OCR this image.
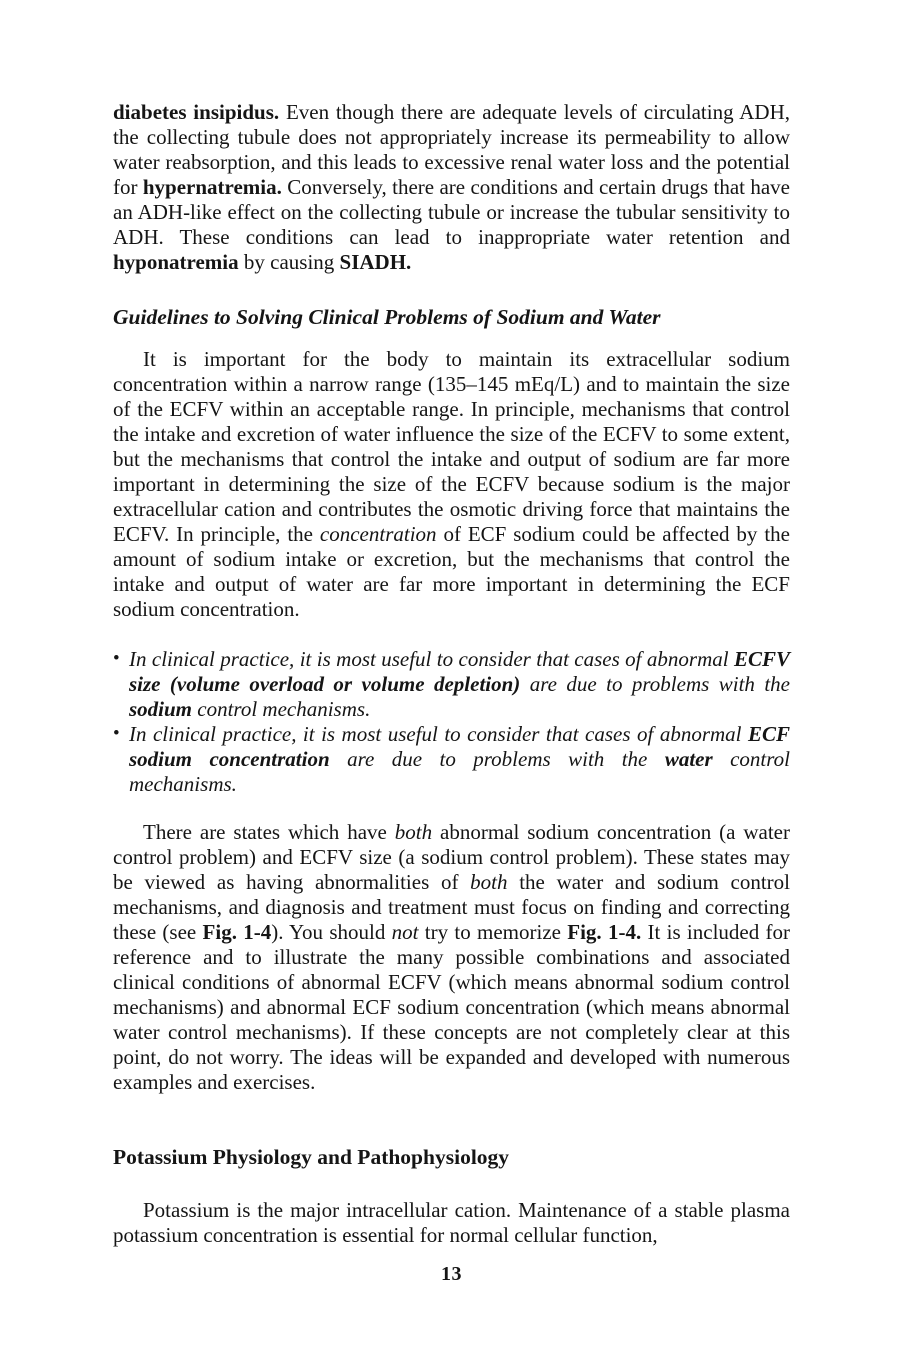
diabetes insipidus. Even though there are adequate levels of circulating ADH, the collecting tubule does not appropriately increase its permeability to allow water reabsorption, and this leads to excessive renal water loss and the potential for hypernatremia. Conversely, there are conditions and certain drugs that have an ADH-like effect on the collecting tubule or increase the tubular sensitivity to ADH. These conditions can lead to inappropriate water retention and hyponatremia by causing SIADH.

Guidelines to Solving Clinical Problems of Sodium and Water

It is important for the body to maintain its extracellular sodium concentration within a narrow range (135–145 mEq/L) and to maintain the size of the ECFV within an acceptable range. In principle, mechanisms that control the intake and excretion of water influence the size of the ECFV to some extent, but the mechanisms that control the intake and output of sodium are far more important in determining the size of the ECFV because sodium is the major extracellular cation and contributes the osmotic driving force that maintains the ECFV. In principle, the concentration of ECF sodium could be affected by the amount of sodium intake or excretion, but the mechanisms that control the intake and output of water are far more important in determining the ECF sodium concentration.

• In clinical practice, it is most useful to consider that cases of abnormal ECFV size (volume overload or volume depletion) are due to problems with the sodium control mechanisms.
• In clinical practice, it is most useful to consider that cases of abnormal ECF sodium concentration are due to problems with the water control mechanisms.

There are states which have both abnormal sodium concentration (a water control problem) and ECFV size (a sodium control problem). These states may be viewed as having abnormalities of both the water and sodium control mechanisms, and diagnosis and treatment must focus on finding and correcting these (see Fig. 1-4). You should not try to memorize Fig. 1-4. It is included for reference and to illustrate the many possible combinations and associated clinical conditions of abnormal ECFV (which means abnormal sodium control mechanisms) and abnormal ECF sodium concentration (which means abnormal water control mechanisms). If these concepts are not completely clear at this point, do not worry. The ideas will be expanded and developed with numerous examples and exercises.

Potassium Physiology and Pathophysiology

Potassium is the major intracellular cation. Maintenance of a stable plasma potassium concentration is essential for normal cellular function,

13
